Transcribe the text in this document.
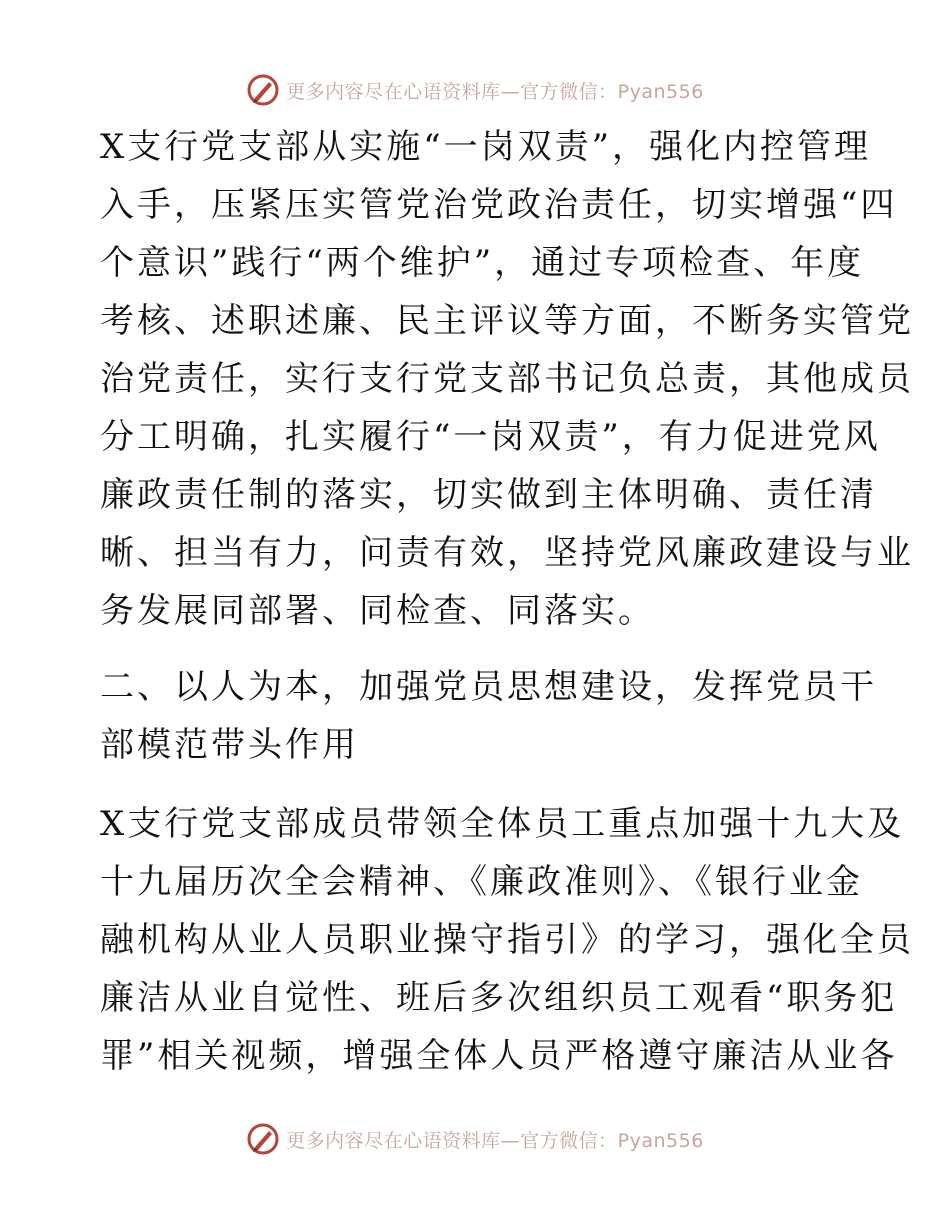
更多内容尽在心语资料库—官方微信：Pyan556
X支行党支部从实施“一岗双责”，强化内控管理
入手，压紧压实管党治党政治责任，切实增强“四
个意识”践行“两个维护”，通过专项检查、年度
考核、述职述廉、民主评议等方面，不断务实管党
治党责任，实行支行党支部书记负总责，其他成员
分工明确，扎实履行“一岗双责”，有力促进党风
廉政责任制的落实，切实做到主体明确、责任清
晰、担当有力，问责有效，坚持党风廉政建设与业
务发展同部署、同检查、同落实。
二、以人为本，加强党员思想建设，发挥党员干
部模范带头作用
X支行党支部成员带领全体员工重点加强十九大及
十九届历次全会精神、《廉政准则》、《银行业金
融机构从业人员职业操守指引》的学习，强化全员
廉洁从业自觉性、班后多次组织员工观看“职务犯
罪”相关视频，增强全体人员严格遵守廉洁从业各
更多内容尽在心语资料库—官方微信：Pyan556
